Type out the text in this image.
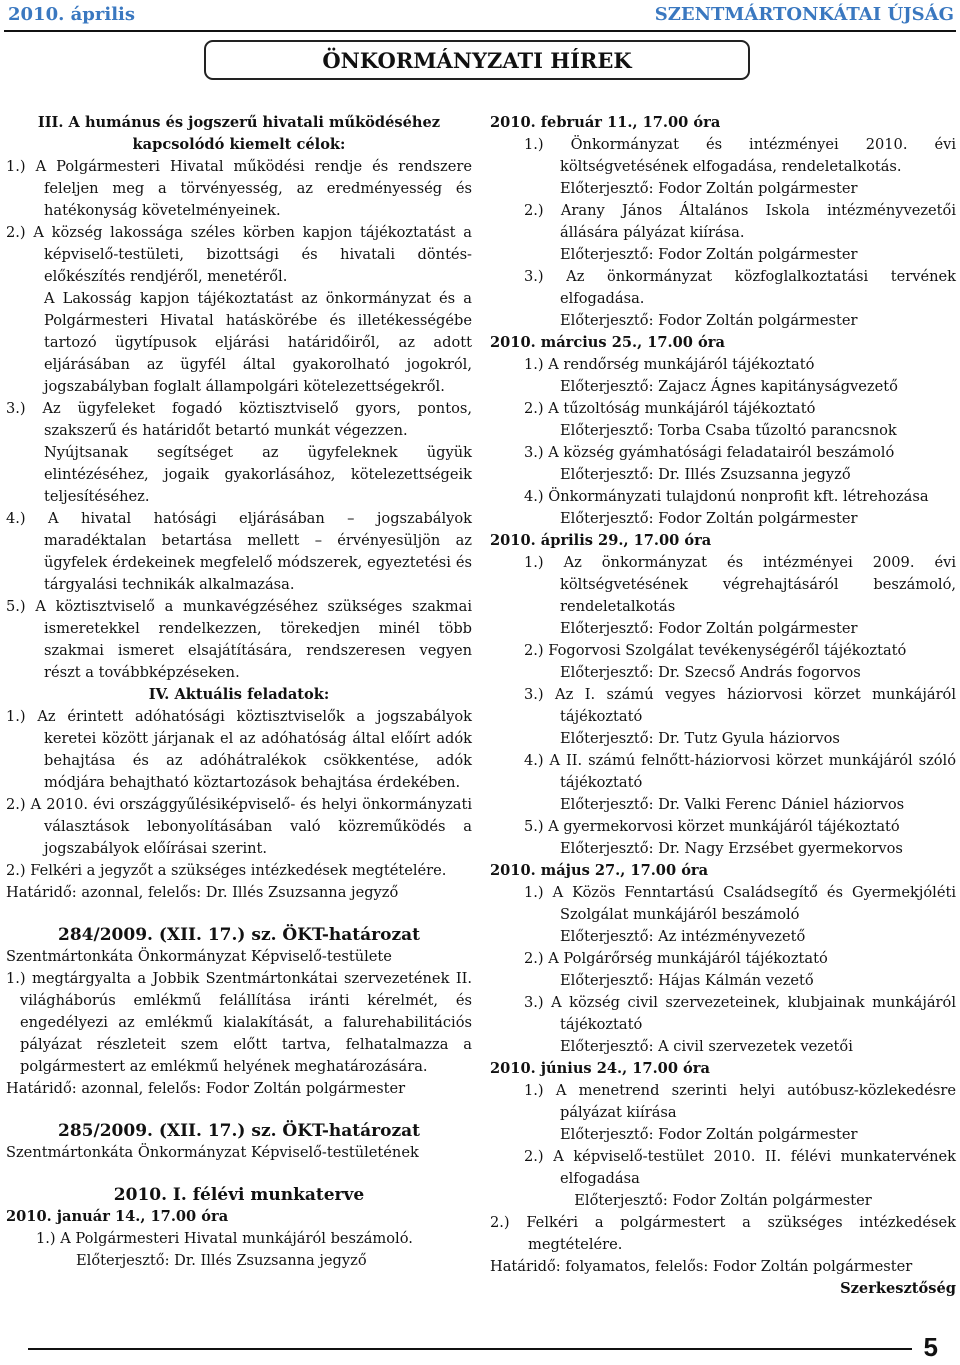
2010. április	SZENTMÁRTONKÁTAI ÚJSÁG
ÖNKORMÁNYZATI HÍREK

III. A humánus és jogszerű hivatali működéséhez

kapcsolódó kiemelt célok:

1.) A Polgármesteri Hivatal működési rendje és rendszere feleljen meg a törvényesség, az eredményesség és hatékonyság követelményeinek.

2.) A község lakossága széles körben kapjon tájékoztatást a képviselő-testületi, bizottsági és hivatali döntés-előkészítés rendjéről, menetéről.

A Lakosság kapjon tájékoztatást az önkormányzat és a Polgármesteri Hivatal hatáskörébe és illetékességébe tartozó ügytípusok eljárási határidőiről, az adott eljárásában az ügyfél által gyakorolható jogokról, jogszabályban foglalt állampolgári kötelezettségekről.

3.) Az ügyfeleket fogadó köztisztviselő gyors, pontos, szakszerű és határidőt betartó munkát végezzen.

Nyújtsanak segítséget az ügyfeleknek ügyük elintézéséhez, jogaik gyakorlásához, kötelezettségeik teljesítéséhez.

4.) A hivatal hatósági eljárásában – jogszabályok maradéktalan betartása mellett – érvényesüljön az ügyfelek érdekeinek megfelelő módszerek, egyeztetési és tárgyalási technikák alkalmazása.

5.) A köztisztviselő a munkavégzéséhez szükséges szakmai ismeretekkel rendelkezzen, törekedjen minél több szakmai ismeret elsajátítására, rendszeresen vegyen részt a továbbképzéseken.

IV. Aktuális feladatok:

1.) Az érintett adóhatósági köztisztviselők a jogszabályok keretei között járjanak el az adóhatóság által előírt adók behajtása és az adóhátralékok csökkentése, adók módjára behajtható köztartozások behajtása érdekében.

2.) A 2010. évi országgyűlésiképviselő- és helyi önkormányzati választások lebonyolításában való közreműködés a jogszabályok előírásai szerint.

2.) Felkéri a jegyzőt a szükséges intézkedések megtételére.

Határidő: azonnal, felelős: Dr. Illés Zsuzsanna jegyző

284/2009. (XII. 17.) sz. ÖKT-határozat

Szentmártonkáta Önkormányzat Képviselő-testülete

1.) megtárgyalta a Jobbik Szentmártonkátai szervezetének II. világháborús emlékmű felállítása iránti kérelmét, és engedélyezi az emlékmű kialakítását, a falurehabilitációs pályázat részleteit szem előtt tartva, felhatalmazza a polgármestert az emlékmű helyének meghatározására.

Határidő: azonnal, felelős: Fodor Zoltán polgármester

285/2009. (XII. 17.) sz. ÖKT-határozat

Szentmártonkáta Önkormányzat Képviselő-testületének

2010. I. félévi munkaterve

2010. január 14., 17.00 óra

1.) A Polgármesteri Hivatal munkájáról beszámoló.

Előterjesztő: Dr. Illés Zsuzsanna jegyző

2010. február 11., 17.00 óra

1.) Önkormányzat és intézményei 2010. évi költségvetésének elfogadása, rendeletalkotás.

Előterjesztő: Fodor Zoltán polgármester

2.) Arany János Általános Iskola intézményvezetői állására pályázat kiírása.

Előterjesztő: Fodor Zoltán polgármester

3.) Az önkormányzat közfoglalkoztatási tervének elfogadása.

Előterjesztő: Fodor Zoltán polgármester

2010. március 25., 17.00 óra

1.) A rendőrség munkájáról tájékoztató

Előterjesztő: Zajacz Ágnes kapitányságvezető

2.) A tűzoltóság munkájáról tájékoztató

Előterjesztő: Torba Csaba tűzoltó parancsnok

3.) A község gyámhatósági feladatairól beszámoló

Előterjesztő: Dr. Illés Zsuzsanna jegyző

4.) Önkormányzati tulajdonú nonprofit kft. létrehozása

Előterjesztő: Fodor Zoltán polgármester

2010. április 29., 17.00 óra

1.) Az önkormányzat és intézményei 2009. évi költségvetésének végrehajtásáról beszámoló, rendeletalkotás

Előterjesztő: Fodor Zoltán polgármester

2.) Fogorvosi Szolgálat tevékenységéről tájékoztató

Előterjesztő: Dr. Szecső András fogorvos

3.) Az I. számú vegyes háziorvosi körzet munkájáról tájékoztató

Előterjesztő: Dr. Tutz Gyula háziorvos

4.) A II. számú felnőtt-háziorvosi körzet munkájáról szóló tájékoztató

Előterjesztő: Dr. Valki Ferenc Dániel háziorvos

5.) A gyermekorvosi körzet munkájáról tájékoztató

Előterjesztő: Dr. Nagy Erzsébet gyermekorvos

2010. május 27., 17.00 óra

1.) A Közös Fenntartású Családsegítő és Gyermekjóléti Szolgálat munkájáról beszámoló

Előterjesztő: Az intézményvezető

2.) A Polgárőrség munkájáról tájékoztató

Előterjesztő: Hájas Kálmán vezető

3.) A község civil szervezeteinek, klubjainak munkájáról tájékoztató

Előterjesztő: A civil szervezetek vezetői

2010. június 24., 17.00 óra

1.) A menetrend szerinti helyi autóbusz-közlekedésre pályázat kiírása

Előterjesztő: Fodor Zoltán polgármester

2.) A képviselő-testület 2010. II. félévi munkatervének elfogadása

Előterjesztő: Fodor Zoltán polgármester

2.) Felkéri a polgármestert a szükséges intézkedések megtételére.

Határidő: folyamatos, felelős: Fodor Zoltán polgármester

Szerkesztőség

5
